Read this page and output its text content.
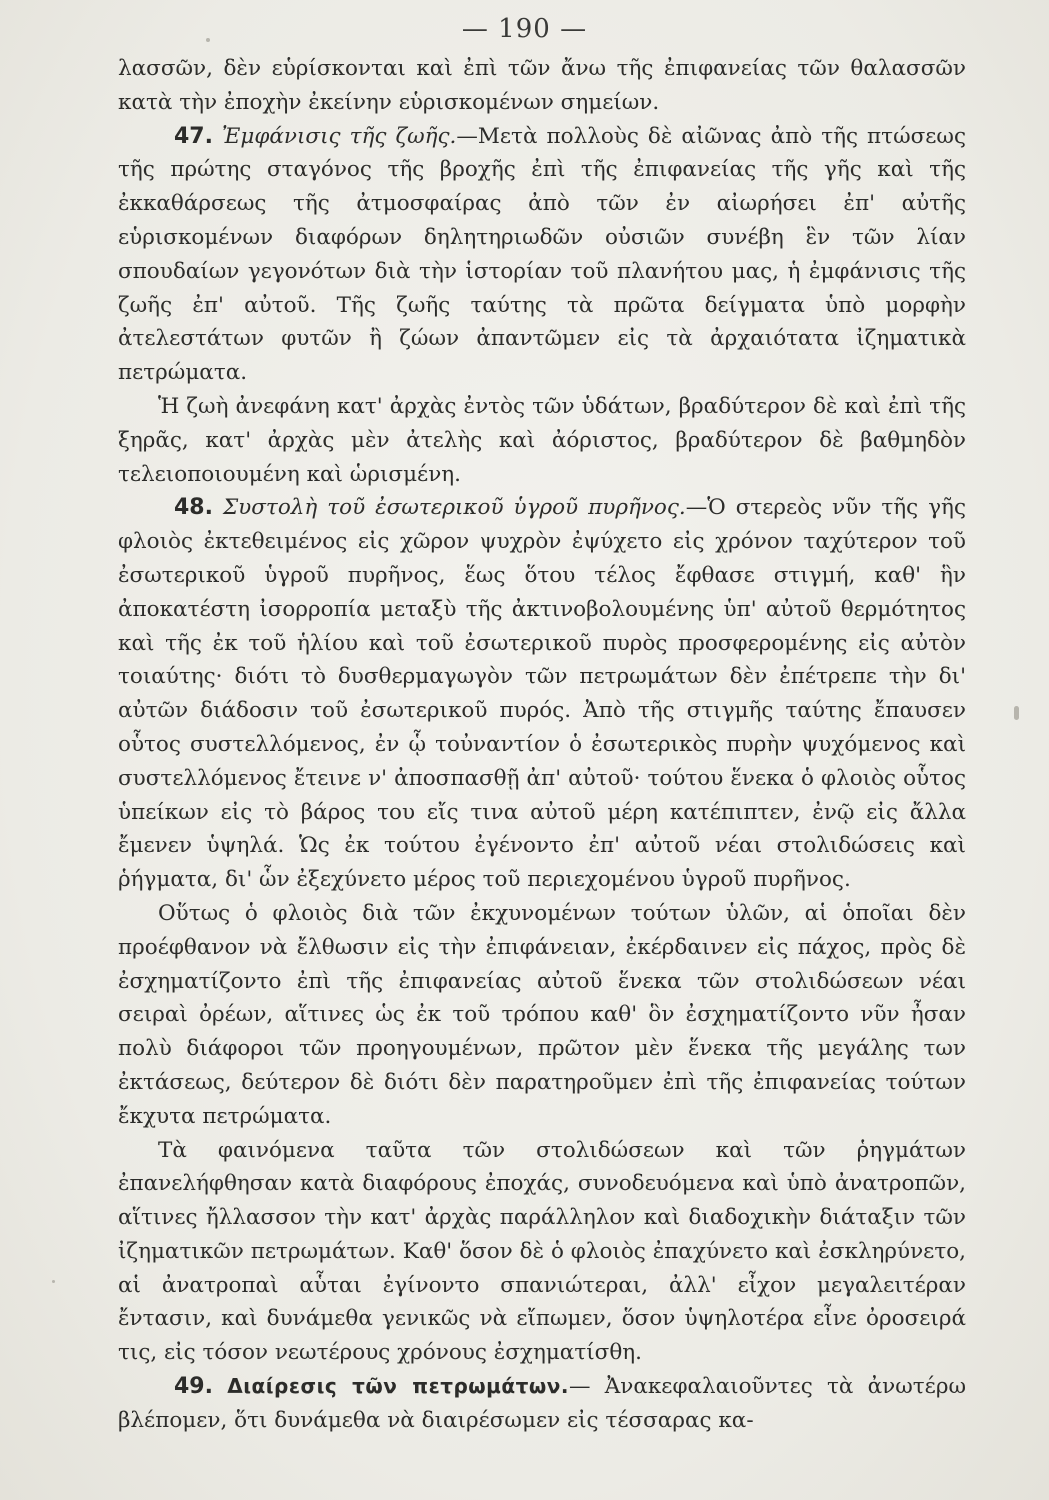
— 190 —

λασσῶν, δὲν εὑρίσκονται καὶ ἐπὶ τῶν ἄνω τῆς ἐπιφανείας τῶν θαλασσῶν κατὰ τὴν ἐποχὴν ἐκείνην εὑρισκομένων σημείων.

47. Ἐμφάνισις τῆς ζωῆς.—Μετὰ πολλοὺς δὲ αἰῶνας ἀπὸ τῆς πτώσεως τῆς πρώτης σταγόνος τῆς βροχῆς ἐπὶ τῆς ἐπιφανείας τῆς γῆς καὶ τῆς ἐκκαθάρσεως τῆς ἀτμοσφαίρας ἀπὸ τῶν ἐν αἰωρήσει ἐπ' αὐτῆς εὑρισκομένων διαφόρων δηλητηριωδῶν οὐσιῶν συνέβη ἓν τῶν λίαν σπουδαίων γεγονότων διὰ τὴν ἱστορίαν τοῦ πλανήτου μας, ἡ ἐμφάνισις τῆς ζωῆς ἐπ' αὐτοῦ. Τῆς ζωῆς ταύτης τὰ πρῶτα δείγματα ὑπὸ μορφὴν ἀτελεστάτων φυτῶν ἢ ζώων ἀπαντῶμεν εἰς τὰ ἀρχαιότατα ἰζηματικὰ πετρώματα.

Ἡ ζωὴ ἀνεφάνη κατ' ἀρχὰς ἐντὸς τῶν ὑδάτων, βραδύτερον δὲ καὶ ἐπὶ τῆς ξηρᾶς, κατ' ἀρχὰς μὲν ἀτελὴς καὶ ἀόριστος, βραδύτερον δὲ βαθμηδὸν τελειοποιουμένη καὶ ὡρισμένη.

48. Συστολὴ τοῦ ἐσωτερικοῦ ὑγροῦ πυρῆνος.—Ὁ στερεὸς νῦν τῆς γῆς φλοιὸς ἐκτεθειμένος εἰς χῶρον ψυχρὸν ἐψύχετο εἰς χρόνον ταχύτερον τοῦ ἐσωτερικοῦ ὑγροῦ πυρῆνος, ἕως ὅτου τέλος ἔφθασε στιγμή, καθ' ἣν ἀποκατέστη ἰσορροπία μεταξὺ τῆς ἀκτινοβολουμένης ὑπ' αὐτοῦ θερμότητος καὶ τῆς ἐκ τοῦ ἡλίου καὶ τοῦ ἐσωτερικοῦ πυρὸς προσφερομένης εἰς αὐτὸν τοιαύτης· διότι τὸ δυσθερμαγωγὸν τῶν πετρωμάτων δὲν ἐπέτρεπε τὴν δι' αὐτῶν διάδοσιν τοῦ ἐσωτερικοῦ πυρός. Ἀπὸ τῆς στιγμῆς ταύτης ἔπαυσεν οὗτος συστελλόμενος, ἐν ᾧ τοὐναντίον ὁ ἐσωτερικὸς πυρὴν ψυχόμενος καὶ συστελλόμενος ἔτεινε ν' ἀποσπασθῇ ἀπ' αὐτοῦ· τούτου ἕνεκα ὁ φλοιὸς οὗτος ὑπείκων εἰς τὸ βάρος του εἴς τινα αὐτοῦ μέρη κατέπιπτεν, ἐνῷ εἰς ἄλλα ἔμενεν ὑψηλά. Ὡς ἐκ τούτου ἐγένοντο ἐπ' αὐτοῦ νέαι στολιδώσεις καὶ ῥήγματα, δι' ὧν ἐξεχύνετο μέρος τοῦ περιεχομένου ὑγροῦ πυρῆνος.

Οὕτως ὁ φλοιὸς διὰ τῶν ἐκχυνομένων τούτων ὑλῶν, αἱ ὁποῖαι δὲν προέφθανον νὰ ἔλθωσιν εἰς τὴν ἐπιφάνειαν, ἐκέρδαινεν εἰς πάχος, πρὸς δὲ ἐσχηματίζοντο ἐπὶ τῆς ἐπιφανείας αὐτοῦ ἕνεκα τῶν στολιδώσεων νέαι σειραὶ ὀρέων, αἵτινες ὡς ἐκ τοῦ τρόπου καθ' ὃν ἐσχηματίζοντο νῦν ἦσαν πολὺ διάφοροι τῶν προηγουμένων, πρῶτον μὲν ἕνεκα τῆς μεγάλης των ἐκτάσεως, δεύτερον δὲ διότι δὲν παρατηροῦμεν ἐπὶ τῆς ἐπιφανείας τούτων ἔκχυτα πετρώματα.

Τὰ φαινόμενα ταῦτα τῶν στολιδώσεων καὶ τῶν ῥηγμάτων ἐπανελήφθησαν κατὰ διαφόρους ἐποχάς, συνοδευόμενα καὶ ὑπὸ ἀνατροπῶν, αἵτινες ἤλλασσον τὴν κατ' ἀρχὰς παράλληλον καὶ διαδοχικὴν διάταξιν τῶν ἰζηματικῶν πετρωμάτων. Καθ' ὅσον δὲ ὁ φλοιὸς ἐπαχύνετο καὶ ἐσκληρύνετο, αἱ ἀνατροπαὶ αὗται ἐγίνοντο σπανιώτεραι, ἀλλ' εἶχον μεγαλειτέραν ἔντασιν, καὶ δυνάμεθα γενικῶς νὰ εἴπωμεν, ὅσον ὑψηλοτέρα εἶνε ὀροσειρά τις, εἰς τόσον νεωτέρους χρόνους ἐσχηματίσθη.

49. Διαίρεσις τῶν πετρωμάτων.— Ἀνακεφαλαιοῦντες τὰ ἀνωτέρω βλέπομεν, ὅτι δυνάμεθα νὰ διαιρέσωμεν εἰς τέσσαρας κα-
